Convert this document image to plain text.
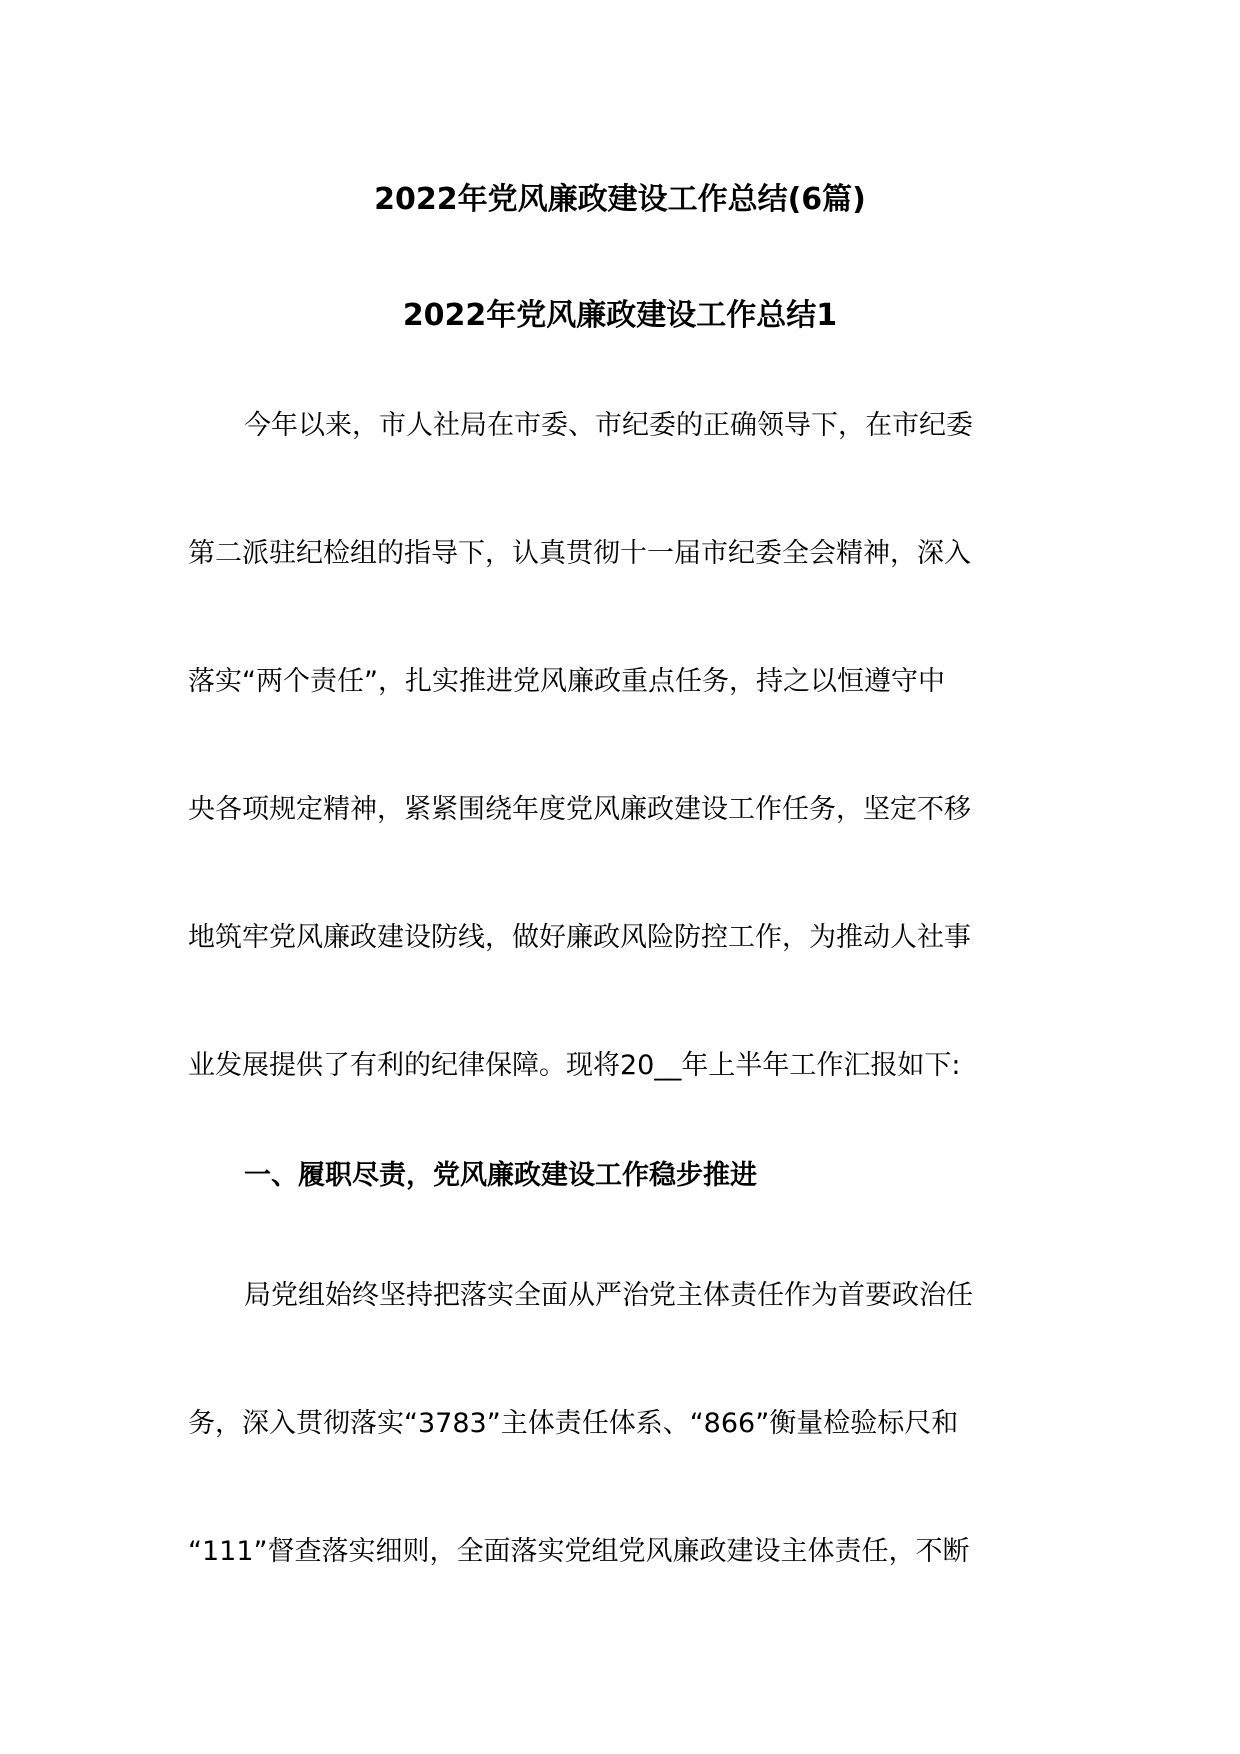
2022年党风廉政建设工作总结(6篇)
2022年党风廉政建设工作总结1
今年以来，市人社局在市委、市纪委的正确领导下，在市纪委
第二派驻纪检组的指导下，认真贯彻十一届市纪委全会精神，深入
落实“两个责任”，扎实推进党风廉政重点任务，持之以恒遵守中
央各项规定精神，紧紧围绕年度党风廉政建设工作任务，坚定不移
地筑牢党风廉政建设防线，做好廉政风险防控工作，为推动人社事
业发展提供了有利的纪律保障。现将20__年上半年工作汇报如下:
一、履职尽责，党风廉政建设工作稳步推进
局党组始终坚持把落实全面从严治党主体责任作为首要政治任
务，深入贯彻落实“3783”主体责任体系、“866”衡量检验标尺和
“111”督查落实细则，全面落实党组党风廉政建设主体责任，不断
